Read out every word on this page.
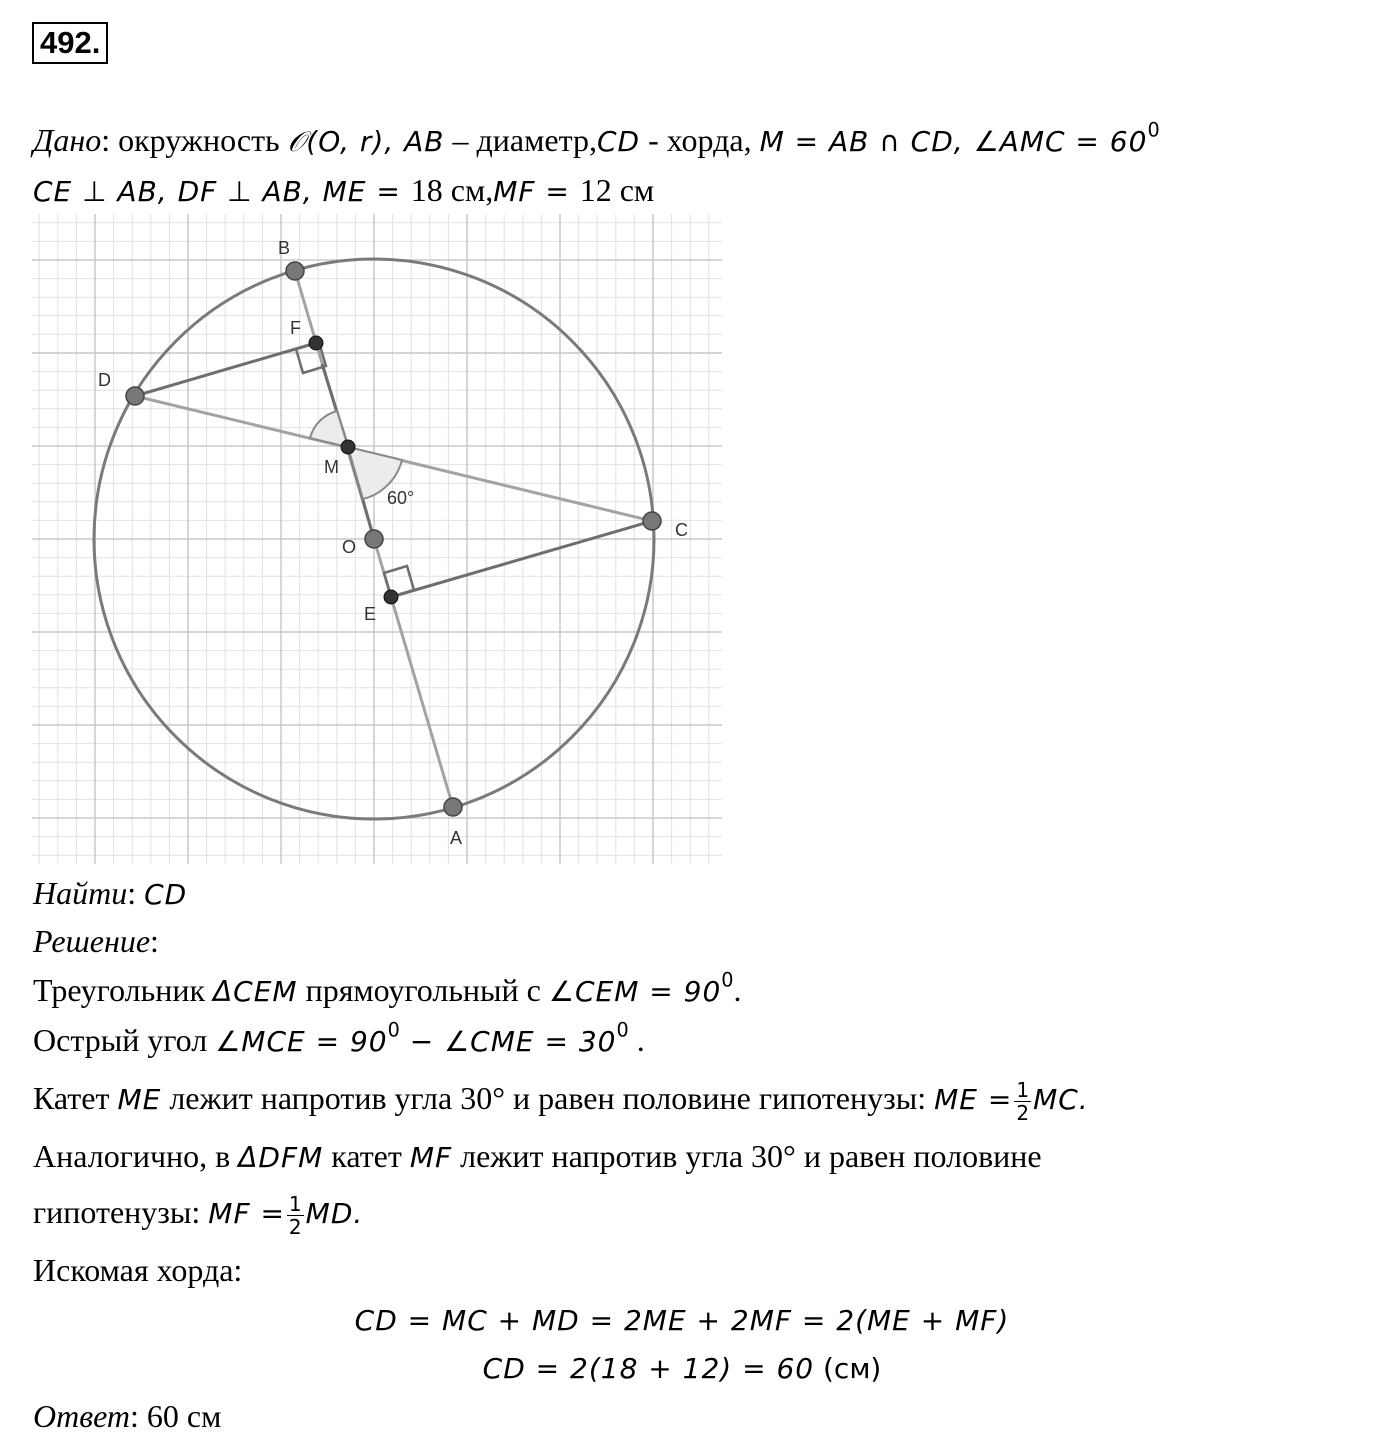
492.
Дано: окружность 𝒪(O, r), AB – диаметр,CD - хорда, M = AB ∩ CD, ∠AMC = $60^0$
CE ⊥ AB, DF ⊥ AB, ME = 18 см,MF = 12 см
B
A
D
C
F
M
O
E
60°
Найти: CD
Решение:
Треугольник ΔCEM прямоугольный с ∠CEM = $90^0$.
Острый угол ∠MCE = $90^0$ − ∠CME = $30^0$ .
Катет ME лежит напротив угла 30° и равен половине гипотенузы: ME = $\frac{1}{2}$ MC.
Аналогично, в ΔDFM катет MF лежит напротив угла 30° и равен половине
гипотенузы: MF = $\frac{1}{2}$ MD.
Искомая хорда:
CD = MC + MD = 2ME + 2MF = 2(ME + MF)
CD = 2(18 + 12) = 60 (см)
Ответ: 60 см
